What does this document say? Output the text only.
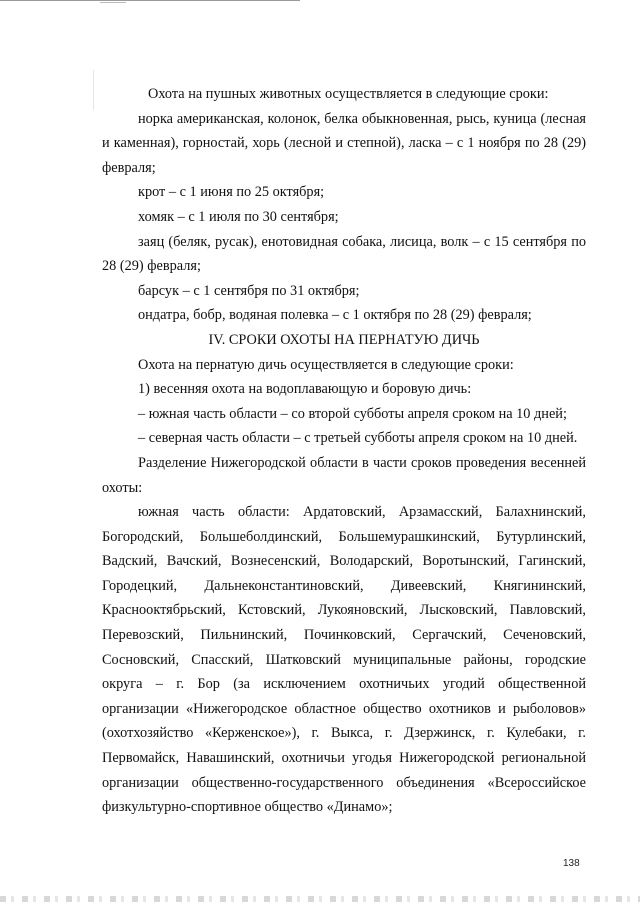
Охота на пушных животных осуществляется в следующие сроки:

норка американская, колонок, белка обыкновенная, рысь, куница (лесная и каменная), горностай, хорь (лесной и степной), ласка – с 1 ноября по 28 (29) февраля;

крот – с 1 июня по 25 октября;

хомяк – с 1 июля по 30 сентября;

заяц (беляк, русак), енотовидная собака, лисица, волк – с 15 сентября по 28 (29) февраля;

барсук – с 1 сентября по 31 октября;

ондатра, бобр, водяная полевка – с 1 октября по 28 (29) февраля;

IV. СРОКИ ОХОТЫ НА ПЕРНАТУЮ ДИЧЬ

Охота на пернатую дичь осуществляется в следующие сроки:

1) весенняя охота на водоплавающую и боровую дичь:

– южная часть области – со второй субботы апреля сроком на 10 дней;

– северная часть области – с третьей субботы апреля сроком на 10 дней.

Разделение Нижегородской области в части сроков проведения весенней охоты:

южная часть области: Ардатовский, Арзамасский, Балахнинский, Богородский, Большеболдинский, Большемурашкинский, Бутурлинский, Вадский, Вачский, Вознесенский, Володарский, Воротынский, Гагинский, Городецкий, Дальнеконстантиновский, Дивеевский, Княгининский, Краснооктябрьский, Кстовский, Лукояновский, Лысковский, Павловский, Перевозский, Пильнинский, Починковский, Сергачский, Сеченовский, Сосновский, Спасский, Шатковский муниципальные районы, городские округа – г. Бор (за исключением охотничьих угодий общественной организации «Нижегородское областное общество охотников и рыболовов» (охотхозяйство «Керженское»), г. Выкса, г. Дзержинск, г. Кулебаки, г. Первомайск, Навашинский, охотничьи угодья Нижегородской региональной организации общественно-государственного объединения «Всероссийское физкультурно-спортивное общество «Динамо»;

138
